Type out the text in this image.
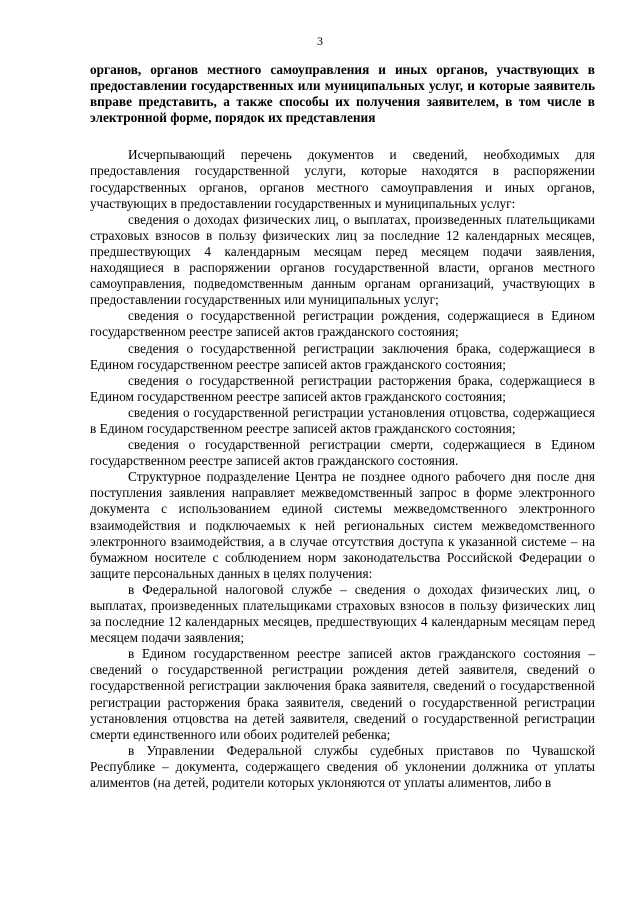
3

органов, органов местного самоуправления и иных органов, участвующих в предоставлении государственных или муниципальных услуг, и которые заявитель вправе представить, а также способы их получения заявителем, в том числе в электронной форме, порядок их представления

Исчерпывающий перечень документов и сведений, необходимых для предоставления государственной услуги, которые находятся в распоряжении государственных органов, органов местного самоуправления и иных органов, участвующих в предоставлении государственных и муниципальных услуг:

сведения о доходах физических лиц, о выплатах, произведенных плательщиками страховых взносов в пользу физических лиц за последние 12 календарных месяцев, предшествующих 4 календарным месяцам перед месяцем подачи заявления, находящиеся в распоряжении органов государственной власти, органов местного самоуправления, подведомственным данным органам организаций, участвующих в предоставлении государственных или муниципальных услуг;

сведения о государственной регистрации рождения, содержащиеся в Едином государственном реестре записей актов гражданского состояния;

сведения о государственной регистрации заключения брака, содержащиеся в Едином государственном реестре записей актов гражданского состояния;

сведения о государственной регистрации расторжения брака, содержащиеся в Едином государственном реестре записей актов гражданского состояния;

сведения о государственной регистрации установления отцовства, содержащиеся в Едином государственном реестре записей актов гражданского состояния;

сведения о государственной регистрации смерти, содержащиеся в Едином государственном реестре записей актов гражданского состояния.

Структурное подразделение Центра не позднее одного рабочего дня после дня поступления заявления направляет межведомственный запрос в форме электронного документа с использованием единой системы межведомственного электронного взаимодействия и подключаемых к ней региональных систем межведомственного электронного взаимодействия, а в случае отсутствия доступа к указанной системе – на бумажном носителе с соблюдением норм законодательства Российской Федерации о защите персональных данных в целях получения:

в Федеральной налоговой службе – сведения о доходах физических лиц, о выплатах, произведенных плательщиками страховых взносов в пользу физических лиц за последние 12 календарных месяцев, предшествующих 4 календарным месяцам перед месяцем подачи заявления;

в Едином государственном реестре записей актов гражданского состояния – сведений о государственной регистрации рождения детей заявителя, сведений о государственной регистрации заключения брака заявителя, сведений о государственной регистрации расторжения брака заявителя, сведений о государственной регистрации установления отцовства на детей заявителя, сведений о государственной регистрации смерти единственного или обоих родителей ребенка;

в Управлении Федеральной службы судебных приставов по Чувашской Республике – документа, содержащего сведения об уклонении должника от уплаты алиментов (на детей, родители которых уклоняются от уплаты алиментов, либо в
